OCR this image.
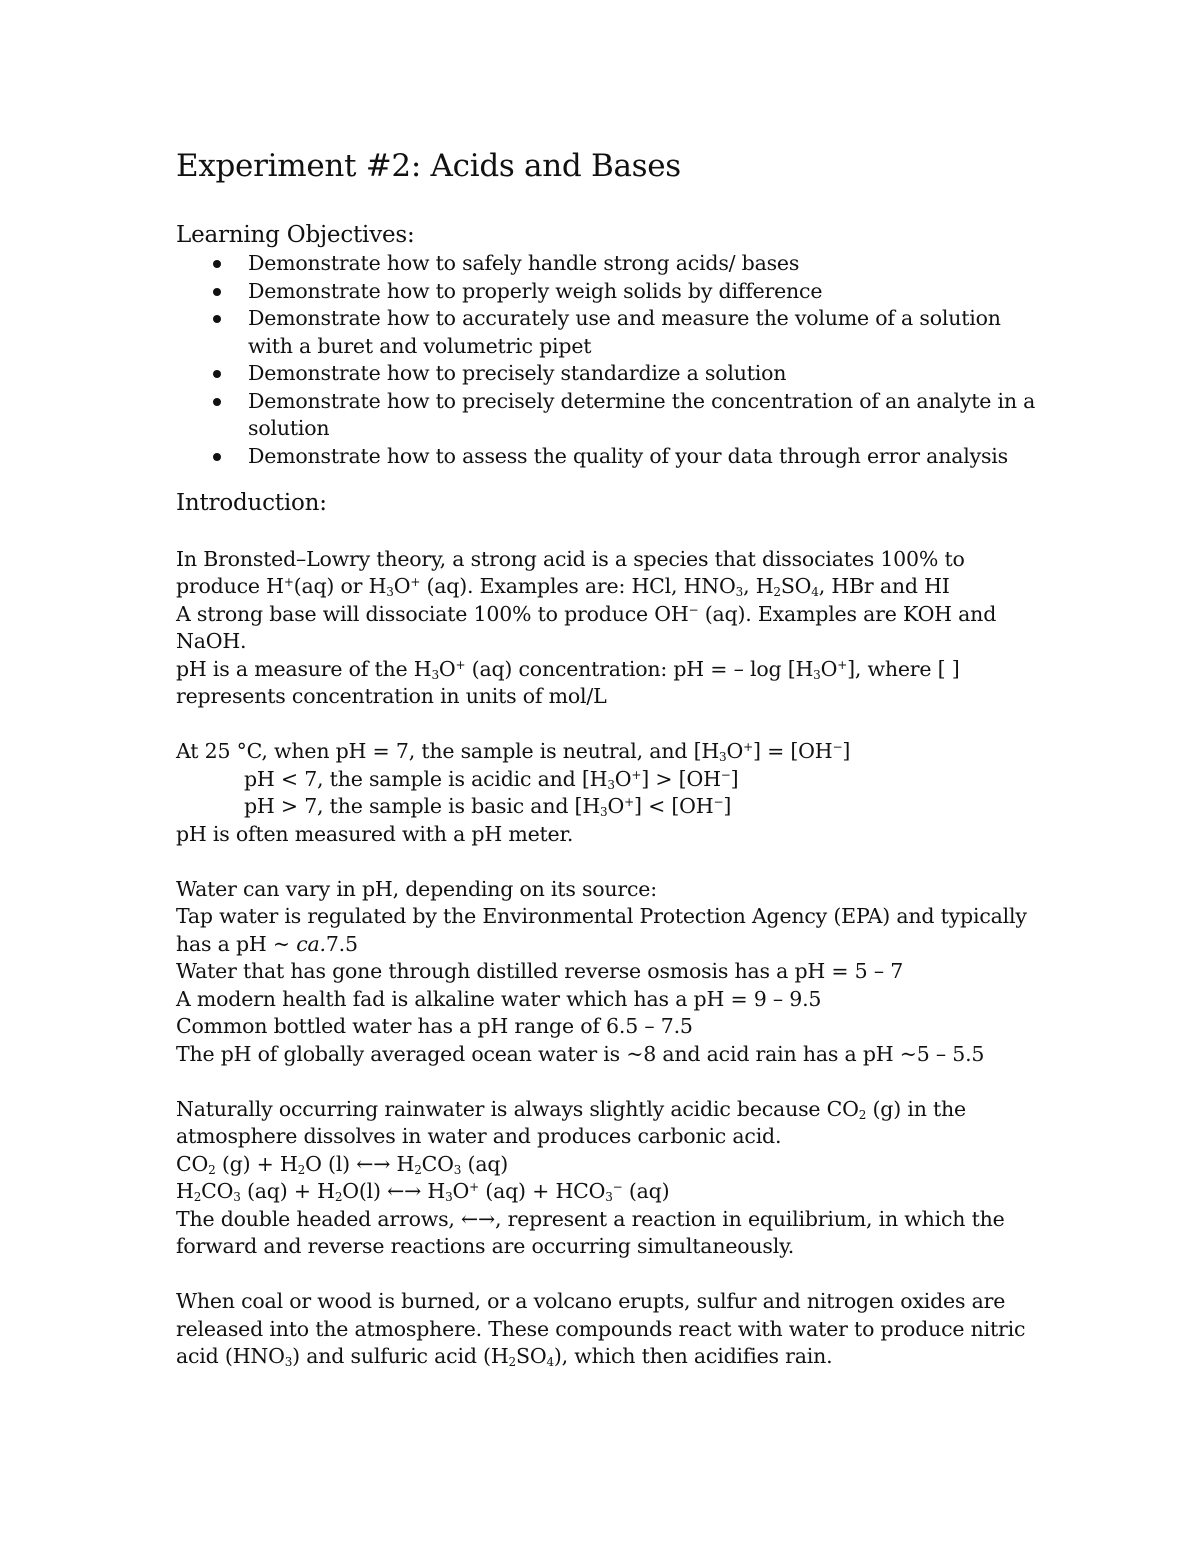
Experiment #2: Acids and Bases
Learning Objectives:
Demonstrate how to safely handle strong acids/ bases
Demonstrate how to properly weigh solids by difference
Demonstrate how to accurately use and measure the volume of a solution with a buret and volumetric pipet
Demonstrate how to precisely standardize a solution
Demonstrate how to precisely determine the concentration of an analyte in a solution
Demonstrate how to assess the quality of your data through error analysis
Introduction:

In Bronsted–Lowry theory, a strong acid is a species that dissociates 100% to
produce H+(aq) or $H_3O^+$ (aq). Examples are: HCl, $HNO_3$, $H_2SO_4$, HBr and HI

A strong base will dissociate 100% to produce OH− (aq). Examples are KOH and NaOH.

pH is a measure of the $H_3O^+$ (aq) concentration: pH = – $\log [H_3O^+]$, where [ ] represents concentration in units of mol/L

At 25 °C, when pH = 7, the sample is neutral, and $[H_3O^+] = [OH^-]$

pH < 7, the sample is acidic and $[H_3O^+] > [OH^-]$

pH > 7, the sample is basic and $[H_3O^+] < [OH^-]$

pH is often measured with a pH meter.

Water can vary in pH, depending on its source:

Tap water is regulated by the Environmental Protection Agency (EPA) and typically has a pH ~ ca.7.5

Water that has gone through distilled reverse osmosis has a pH = 5 – 7

A modern health fad is alkaline water which has a pH = 9 – 9.5

Common bottled water has a pH range of 6.5 – 7.5

The pH of globally averaged ocean water is ~8 and acid rain has a pH ~5 – 5.5

Naturally occurring rainwater is always slightly acidic because $CO_2$ (g) in the atmosphere dissolves in water and produces carbonic acid.

$CO_2$ $(g) + H_2O$ (l) ←→ $H_2CO_3$ (aq)

$H_2CO_3$ $(aq) + H_2O(l)$ ←→ $H_3O^+$ $(aq) + HCO_3^-$ (aq)

The double headed arrows, ←→, represent a reaction in equilibrium, in which the forward and reverse reactions are occurring simultaneously.

When coal or wood is burned, or a volcano erupts, sulfur and nitrogen oxides are released into the atmosphere. These compounds react with water to produce nitric acid $(HNO_3)$ and sulfuric acid $(H_2SO_4)$, which then acidifies rain.
